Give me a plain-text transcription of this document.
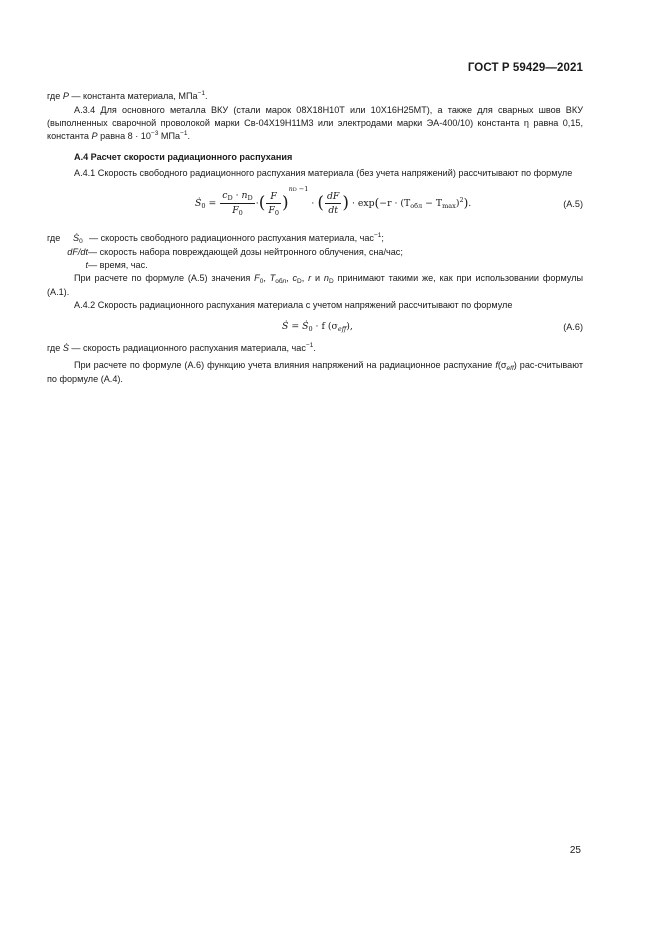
ГОСТ Р 59429—2021

где P — константа материала, МПа$^{-1}$.

А.3.4 Для основного металла ВКУ (стали марок 08Х18Н10Т или 10Х16Н25МТ), а также для сварных швов ВКУ (выполненных сварочной проволокой марки Св-04Х19Н11М3 или электродами марки ЭА-400/10) константа η равна 0,15, константа P равна $8 \cdot 10^{-3}$ МПа$^{-1}$.

А.4 Расчет скорости радиационного распухания

А.4.1 Скорость свободного радиационного распухания материала (без учета напряжений) рассчитывают по формуле

Ṡ$_0$ = $\frac{c_D \cdot n_D}{F_0}$ ·( $\frac{F}{F_0} )^{nD -1}$ · ( $\frac{dF}{dt}$ ) · $\exp(-r \cdot (T_{обл} - T_{max})^2)$.	(А.5)
где	Ṡ$_0$ — скорость свободного радиационного распухания материала, час$^{-1}$;
dF/dt — скорость набора повреждающей дозы нейтронного облучения, сна/час;
t — время, час.

При расчете по формуле (А.5) значения $F_0$, $T_{обл}$, $c_D$, r и $n_D$ принимают такими же, как при использовании формулы (А.1).

А.4.2 Скорость радиационного распухания материала с учетом напряжений рассчитывают по формуле

Ṡ = Ṡ$_0$ · f $(\sigma_{eff})$,	(А.6)

где Ṡ — скорость радиационного распухания материала, час$^{-1}$.

При расчете по формуле (А.6) функцию учета влияния напряжений на радиационное распухание $f(\sigma_{eff})$ рас-считывают по формуле (А.4).

25
